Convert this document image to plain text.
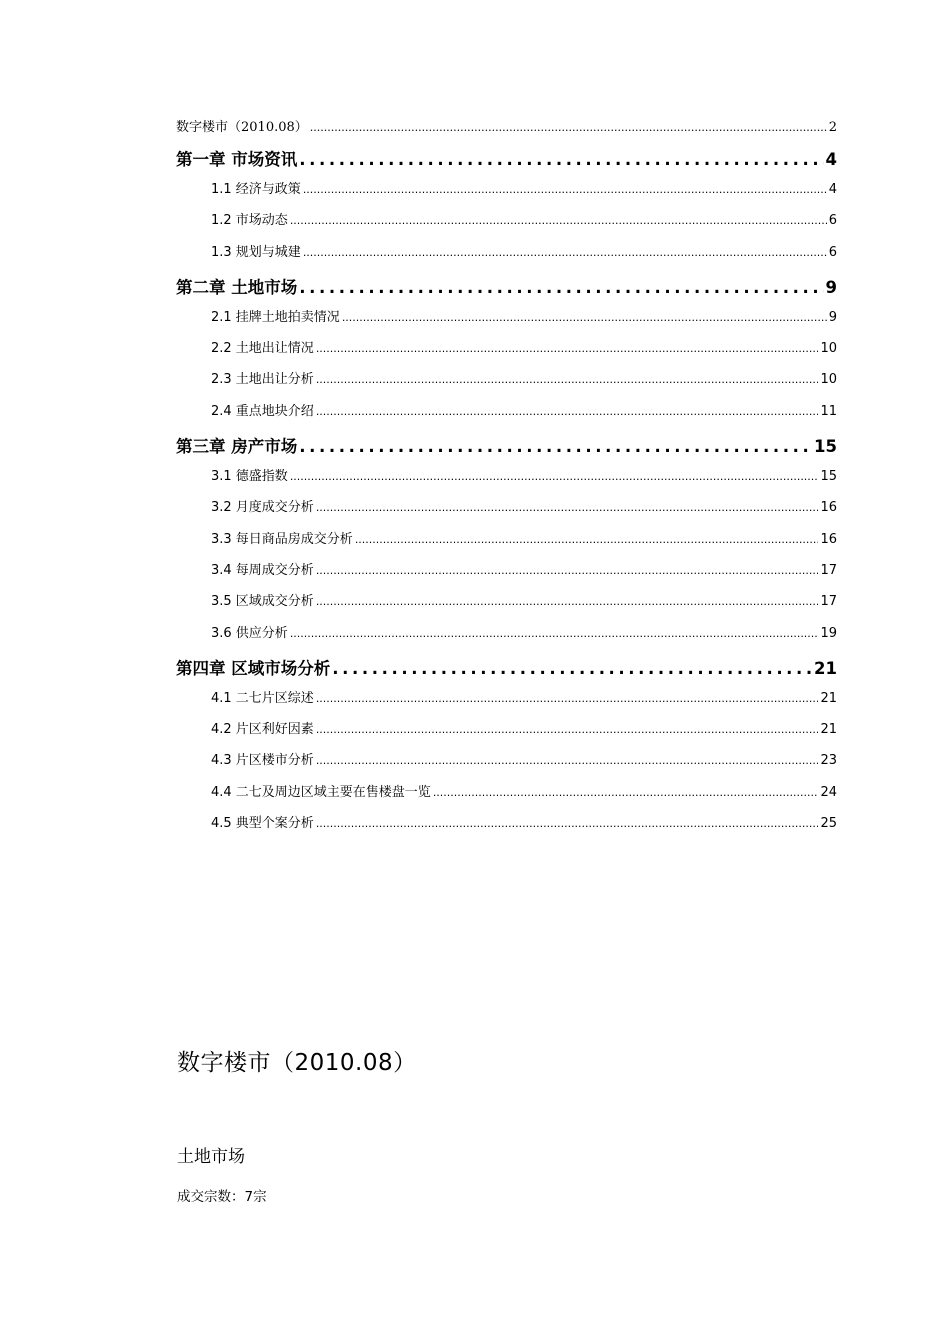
数字楼市（2010.08） .....	2
第一章 市场资讯 .....	4
1.1 经济与政策 .....	4
1.2 市场动态 .....	6
1.3 规划与城建 .....	6
第二章 土地市场 .....	9
2.1 挂牌土地拍卖情况 .....	9
2.2 土地出让情况 .....	10
2.3 土地出让分析 .....	10
2.4 重点地块介绍 .....	11
第三章 房产市场 .....	15
3.1 德盛指数 .....	15
3.2 月度成交分析 .....	16
3.3 每日商品房成交分析 .....	16
3.4 每周成交分析 .....	17
3.5 区域成交分析 .....	17
3.6 供应分析 .....	19
第四章 区域市场分析 .....	21
4.1 二七片区综述 .....	21
4.2 片区利好因素 .....	21
4.3 片区楼市分析 .....	23
4.4 二七及周边区域主要在售楼盘一览 .....	24
4.5 典型个案分析 .....	25
数字楼市（2010.08）
土地市场
成交宗数：7宗
